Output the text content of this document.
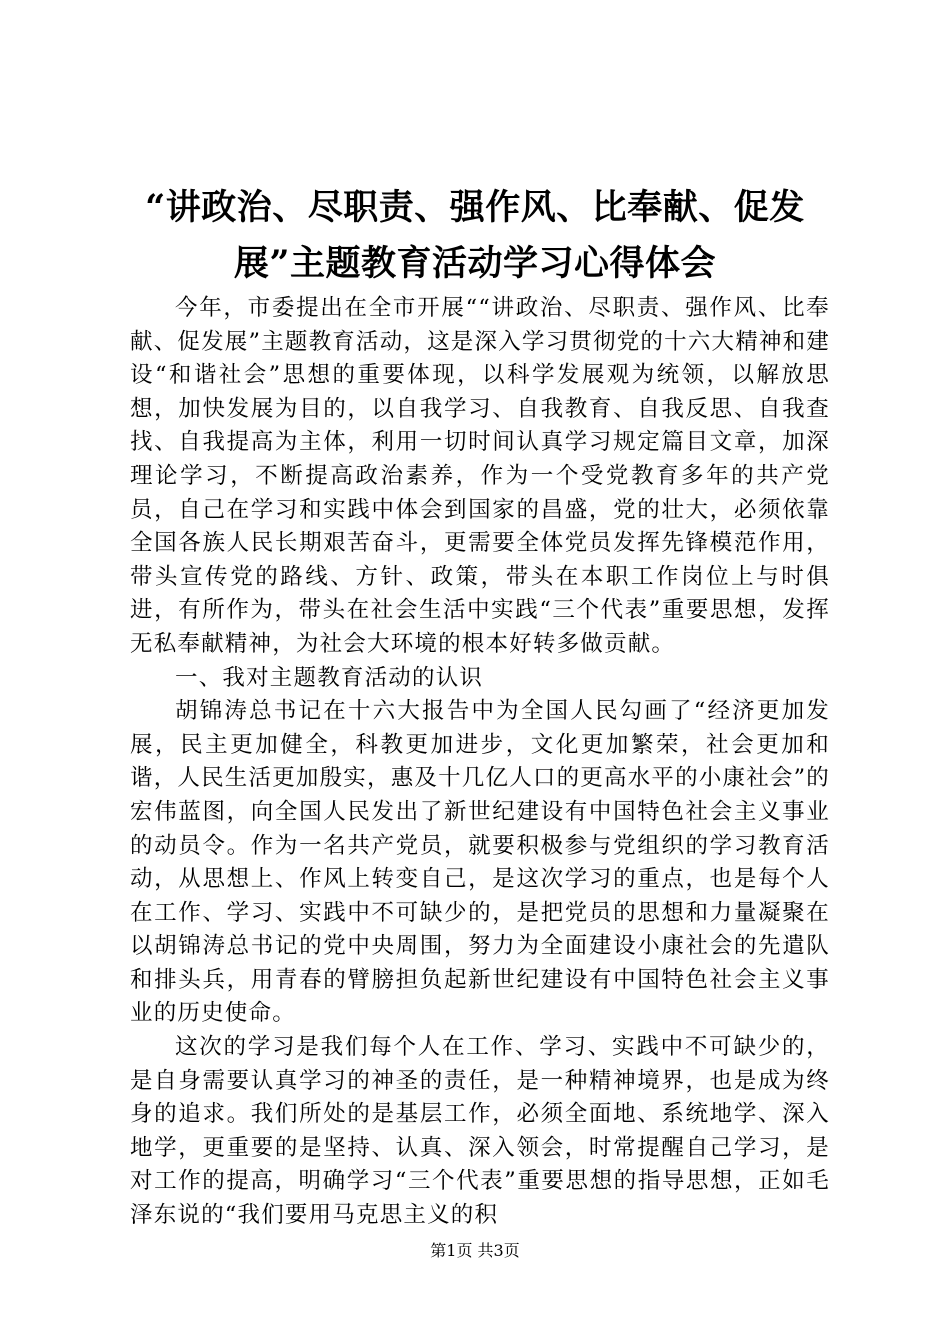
“讲政治、尽职责、强作风、比奉献、促发
展”主题教育活动学习心得体会

今年，市委提出在全市开展““讲政治、尽职责、强作风、比奉献、促发展”主题教育活动，这是深入学习贯彻党的十六大精神和建设“和谐社会”思想的重要体现，以科学发展观为统领，以解放思想，加快发展为目的，以自我学习、自我教育、自我反思、自我查找、自我提高为主体，利用一切时间认真学习规定篇目文章，加深理论学习，不断提高政治素养，作为一个受党教育多年的共产党员，自己在学习和实践中体会到国家的昌盛，党的壮大，必须依靠全国各族人民长期艰苦奋斗，更需要全体党员发挥先锋模范作用，带头宣传党的路线、方针、政策，带头在本职工作岗位上与时俱进，有所作为，带头在社会生活中实践“三个代表”重要思想，发挥无私奉献精神，为社会大环境的根本好转多做贡献。

一、我对主题教育活动的认识

胡锦涛总书记在十六大报告中为全国人民勾画了“经济更加发展，民主更加健全，科教更加进步，文化更加繁荣，社会更加和谐，人民生活更加殷实，惠及十几亿人口的更高水平的小康社会”的宏伟蓝图，向全国人民发出了新世纪建设有中国特色社会主义事业的动员令。作为一名共产党员，就要积极参与党组织的学习教育活动，从思想上、作风上转变自己，是这次学习的重点，也是每个人在工作、学习、实践中不可缺少的，是把党员的思想和力量凝聚在以胡锦涛总书记的党中央周围，努力为全面建设小康社会的先遣队和排头兵，用青春的臂膀担负起新世纪建设有中国特色社会主义事业的历史使命。

这次的学习是我们每个人在工作、学习、实践中不可缺少的，是自身需要认真学习的神圣的责任，是一种精神境界，也是成为终身的追求。我们所处的是基层工作，必须全面地、系统地学、深入地学，更重要的是坚持、认真、深入领会，时常提醒自己学习，是对工作的提高，明确学习“三个代表”重要思想的指导思想，正如毛泽东说的“我们要用马克思主义的积

第1页 共3页
